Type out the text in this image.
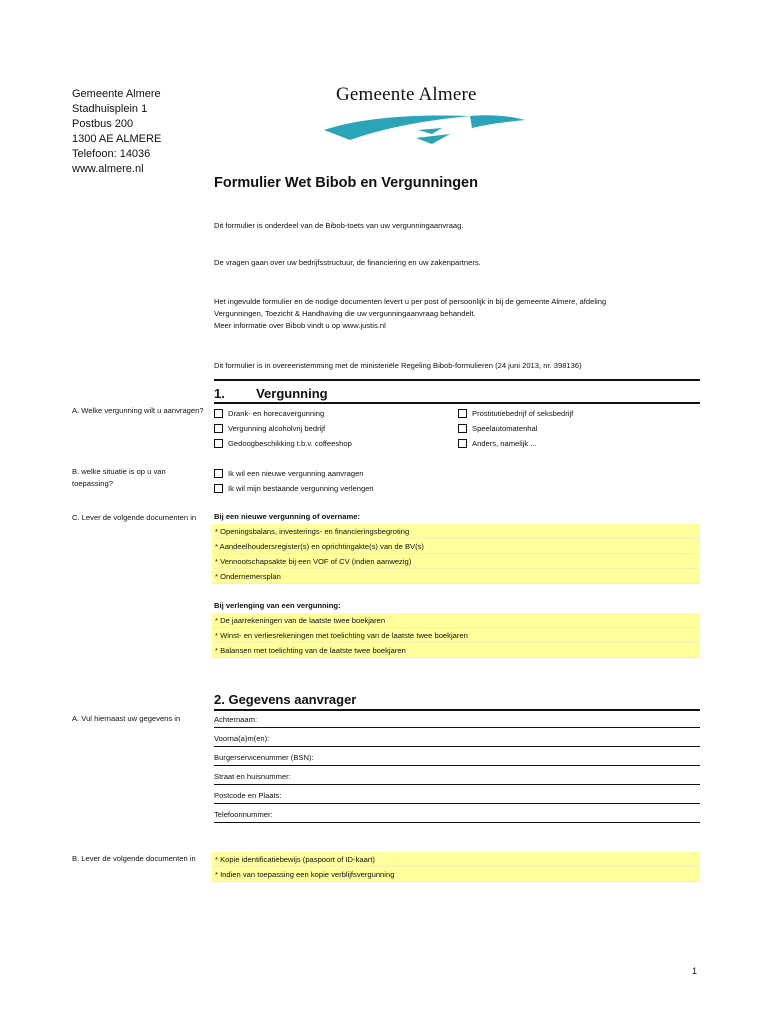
Gemeente Almere
Stadhuisplein 1
Postbus 200
1300 AE ALMERE
Telefoon: 14036
www.almere.nl
Gemeente Almere
Formulier Wet Bibob en Vergunningen
Dit formulier is onderdeel van de Bibob-toets van uw vergunningaanvraag.
De vragen gaan over uw bedrijfsstructuur, de financiering en uw zakenpartners.
Het ingevulde formulier en de nodige documenten levert u per post of persoonlijk in bij de gemeente Almere, afdeling
Vergunningen, Toezicht & Handhaving die uw vergunningaanvraag behandelt.
Meer informatie over Bibob vindt u op www.justis.nl
Dit formulier is in overeenstemming met de ministeriële Regeling Bibob-formulieren (24 juni 2013, nr. 398136)
1. Vergunning
A. Welke vergunning wilt u aanvragen?	Drank- en horecavergunning
Vergunning alcoholvrij bedrijf
Gedoogbeschikking t.b.v. coffeeshop
Prostitutiebedrijf of seksbedrijf
Speelautomatenhal
Anders, namelijk ...
B. welke situatie is op u van toepassing?
Ik wil een nieuwe vergunning aanvragen
Ik wil mijn bestaande vergunning verlengen
C. Lever de volgende documenten in	Bij een nieuwe vergunning of overname:
* Openingsbalans, investerings- en financieringsbegroting
* Aandeelhoudersregister(s) en oprichtingakte(s) van de BV(s)
* Vennootschapsakte bij een VOF of CV (indien aanwezig)
* Ondernemersplan
Bij verlenging van een vergunning:
* De jaarrekeningen van de laatste twee boekjaren
* Winst- en verliesrekeningen met toelichting van de laatste twee boekjaren
* Balansen met toelichting van de laatste twee boekjaren
2. Gegevens aanvrager
A. Vul hiernaast uw gegevens in	Achternaam:
Voorna(a)m(en):
Burgerservicenummer (BSN):
Straat en huisnummer:
Postcode en Plaats:
Telefoonnummer:
B. Lever de volgende documenten in	* Kopie identificatiebewijs (paspoort of ID-kaart)
* Indien van toepassing een kopie verblijfsvergunning
1
